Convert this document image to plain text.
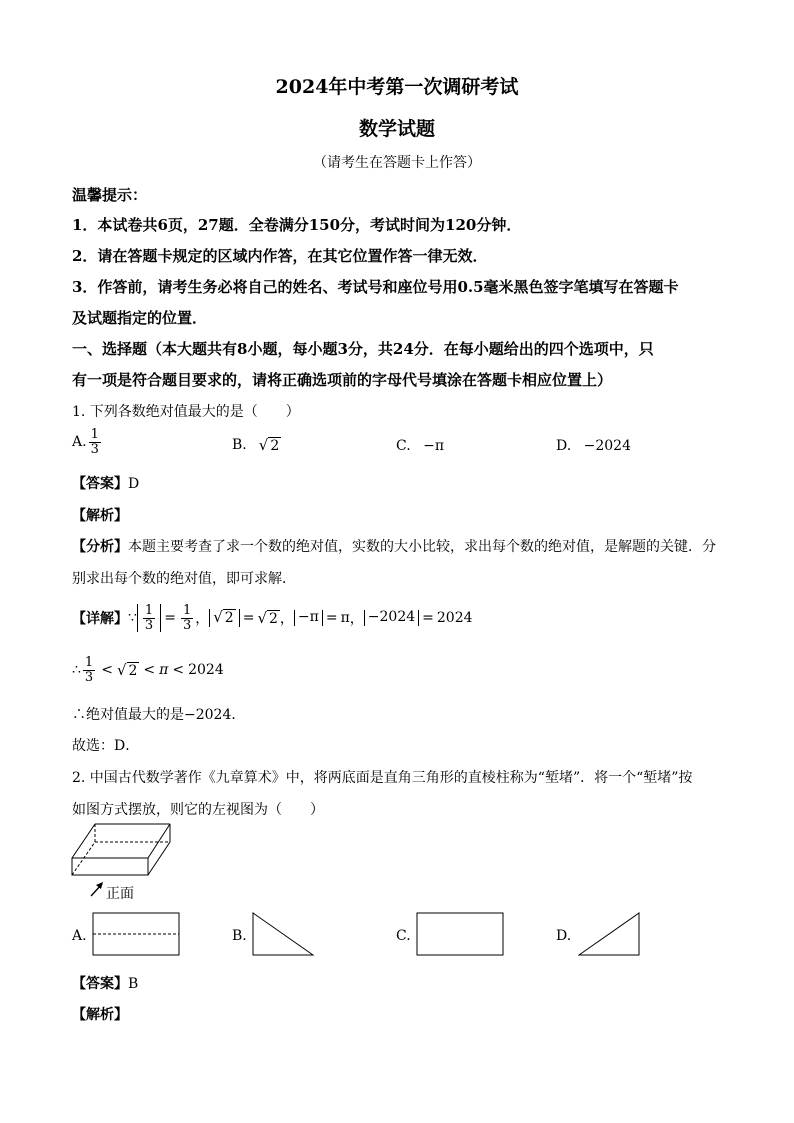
2024年中考第一次调研考试
数学试题
（请考生在答题卡上作答）
温馨提示：
1．本试卷共6页，27题．全卷满分150分，考试时间为120分钟．
2．请在答题卡规定的区域内作答，在其它位置作答一律无效．
3．作答前，请考生务必将自己的姓名、考试号和座位号用0.5毫米黑色签字笔填写在答题卡
及试题指定的位置．
一、选择题（本大题共有8小题，每小题3分，共24分．在每小题给出的四个选项中，只
有一项是符合题目要求的，请将正确选项前的字母代号填涂在答题卡相应位置上）
1. 下列各数绝对值最大的是（　　）
A. $\frac{1}{3}$	B. √ 2	C. −π	D. −2024
【答案】D
【解析】
【分析】本题主要考查了求一个数的绝对值，实数的大小比较，求出每个数的绝对值，是解题的关键．分
别求出每个数的绝对值，即可求解．
【详解】 ∵ $\frac{1}{3} = \frac{1}{3}$ ， √ 2 = √ 2 ， −π = π ， −2024 = 2024
∴ $\frac{1}{3}$ < √ 2 < π < 2024
∴绝对值最大的是−2024．
故选：D．
2. 中国古代数学著作《九章算术》中，将两底面是直角三角形的直棱柱称为“堑堵”．将一个“堑堵”按
如图方式摆放，则它的左视图为（　　）
正面
A.	B.	C.	D.
【答案】B
【解析】
